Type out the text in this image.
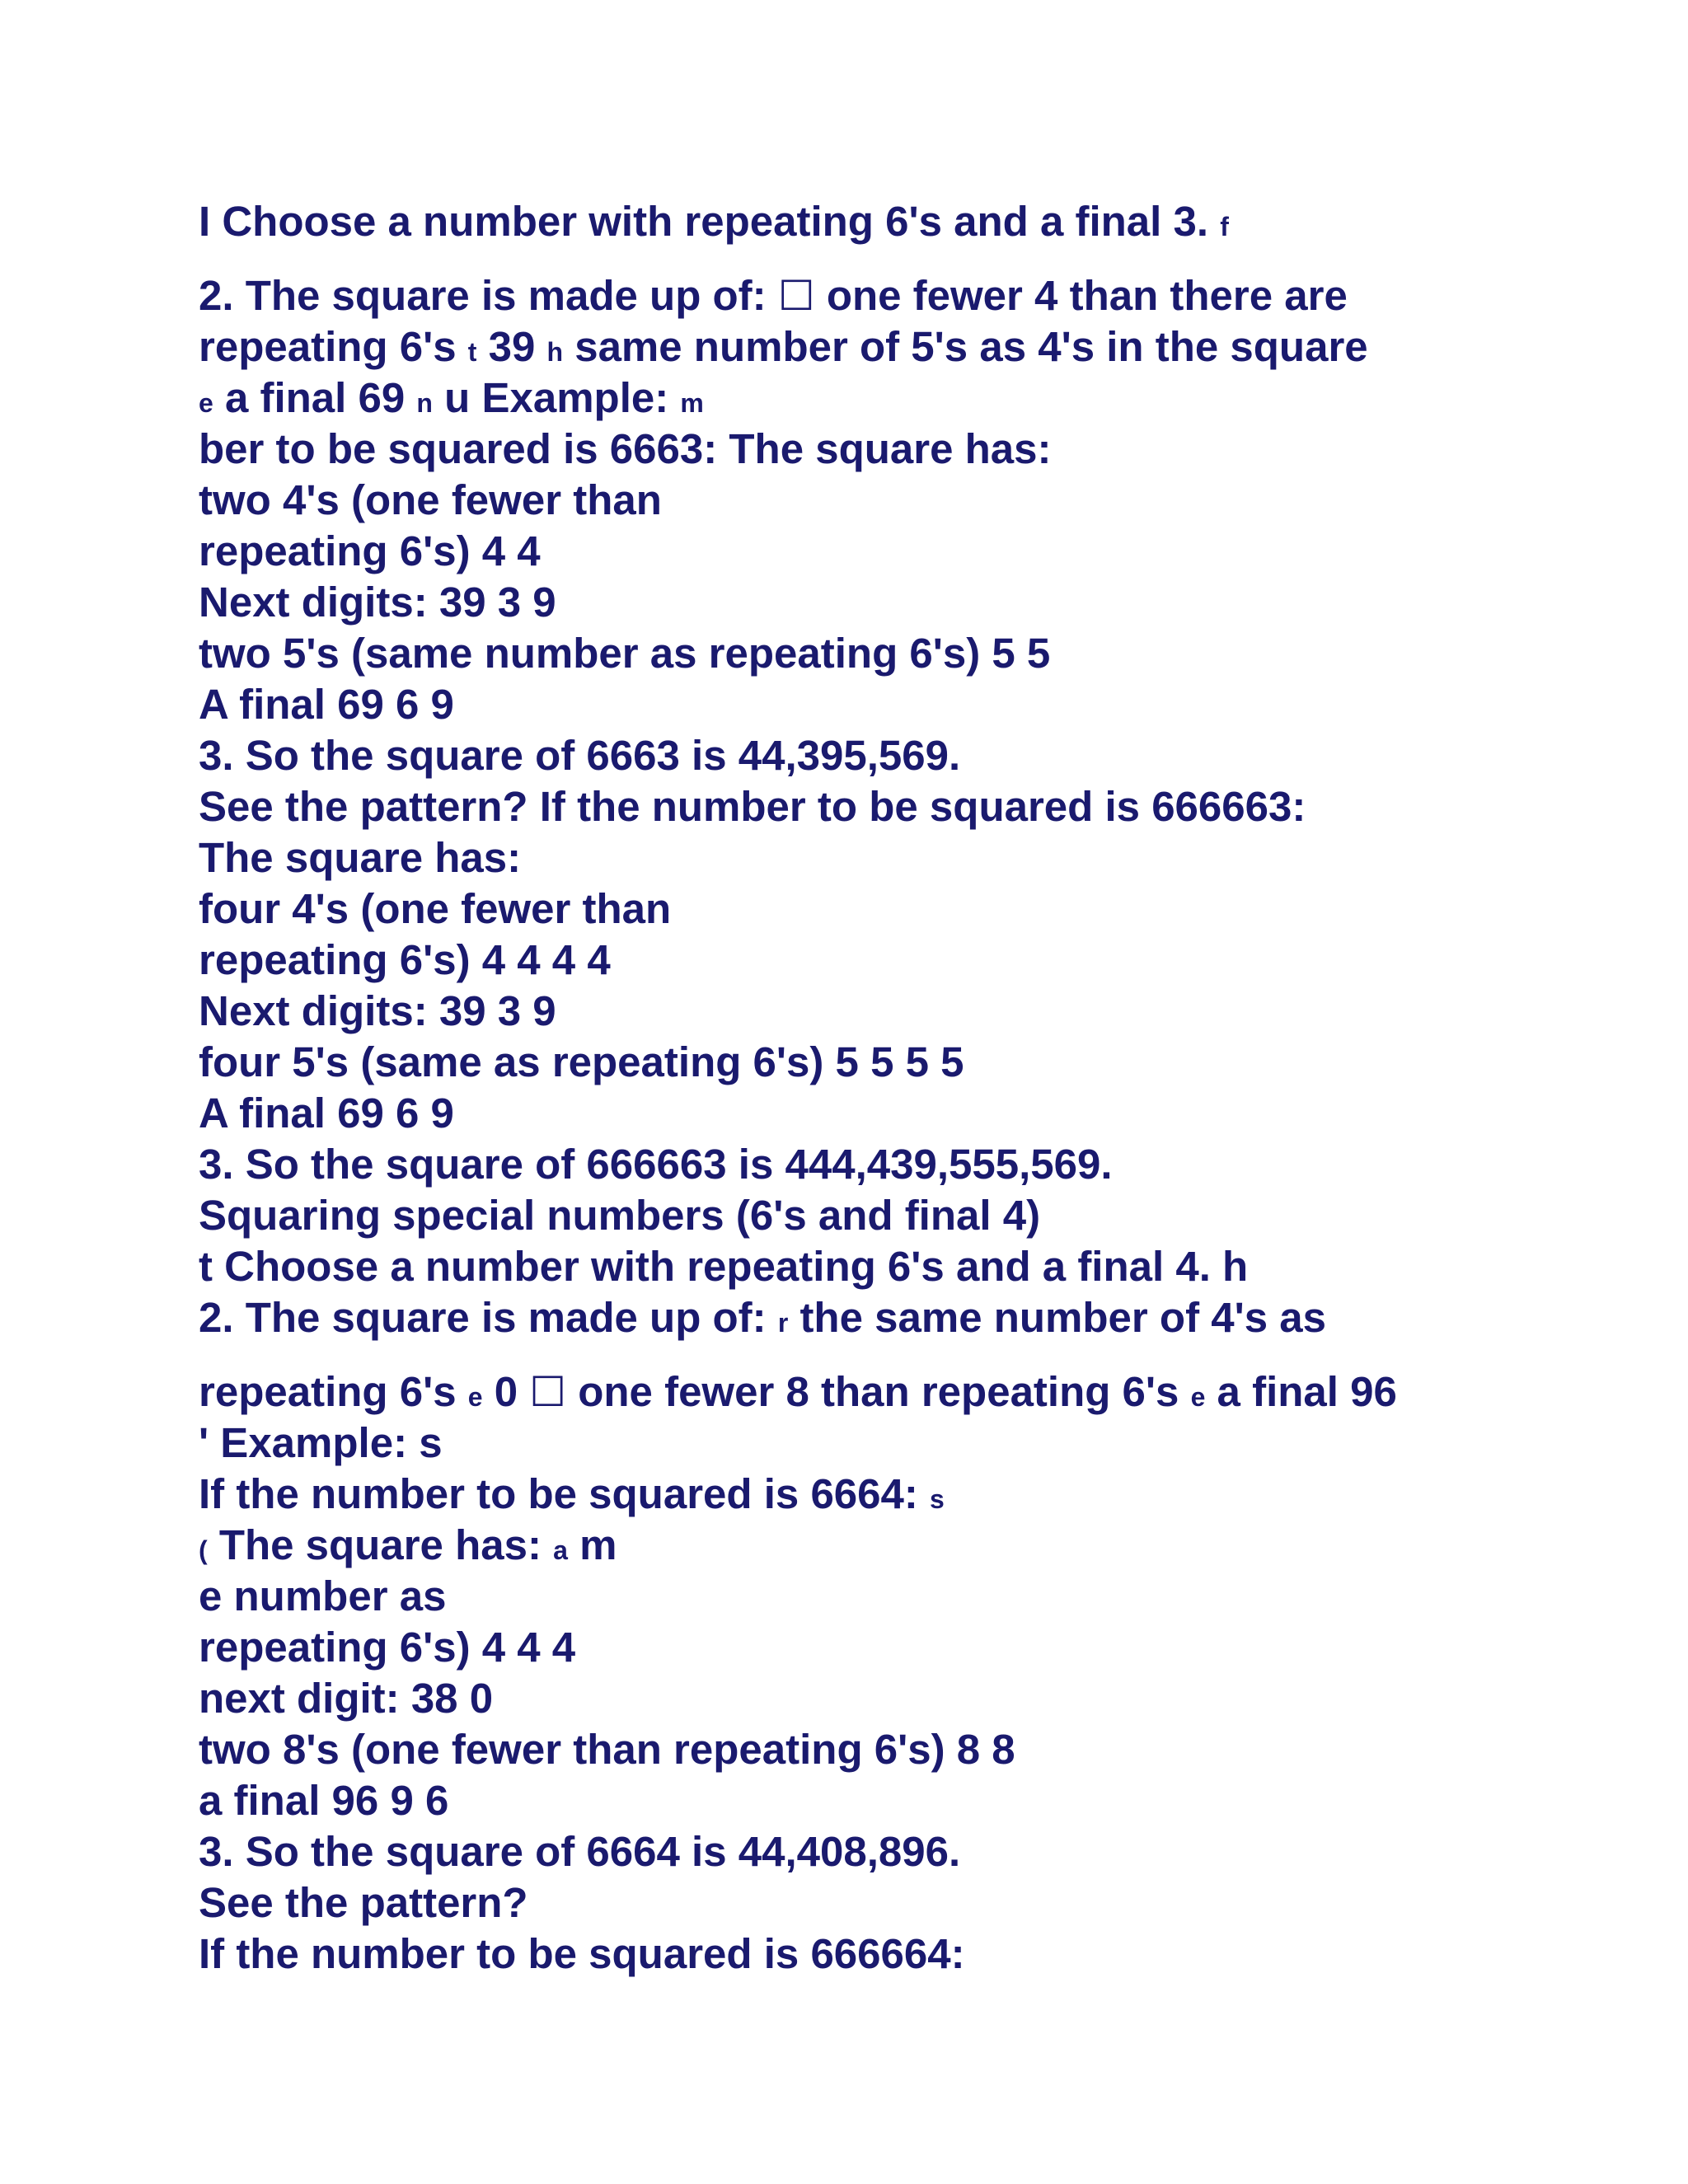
I Choose a number with repeating 6's and a final 3. f
2. The square is made up of: ☐ one fewer 4 than there are
repeating 6's t 39 h same number of 5's as 4's in the square
e a final 69 n u Example: m
ber to be squared is 6663: The square has:
two 4's (one fewer than
repeating 6's) 4 4
Next digits: 39 3 9
two 5's (same number as repeating 6's) 5 5
A final 69 6 9
3. So the square of 6663 is 44,395,569.
See the pattern? If the number to be squared is 666663:
The square has:
four 4's (one fewer than
repeating 6's) 4 4 4 4
Next digits: 39 3 9
four 5's (same as repeating 6's) 5 5 5 5
A final 69 6 9
3. So the square of 666663 is 444,439,555,569.
Squaring special numbers (6's and final 4)
t Choose a number with repeating 6's and a final 4. h
2. The square is made up of: r the same number of 4's as
repeating 6's e 0 ☐ one fewer 8 than repeating 6's e a final 96
' Example: s
If the number to be squared is 6664: s
( The square has: a m
e number as
repeating 6's) 4 4 4
next digit: 38 0
two 8's (one fewer than repeating 6's) 8 8
a final 96 9 6
3. So the square of 6664 is 44,408,896.
See the pattern?
If the number to be squared is 666664:
